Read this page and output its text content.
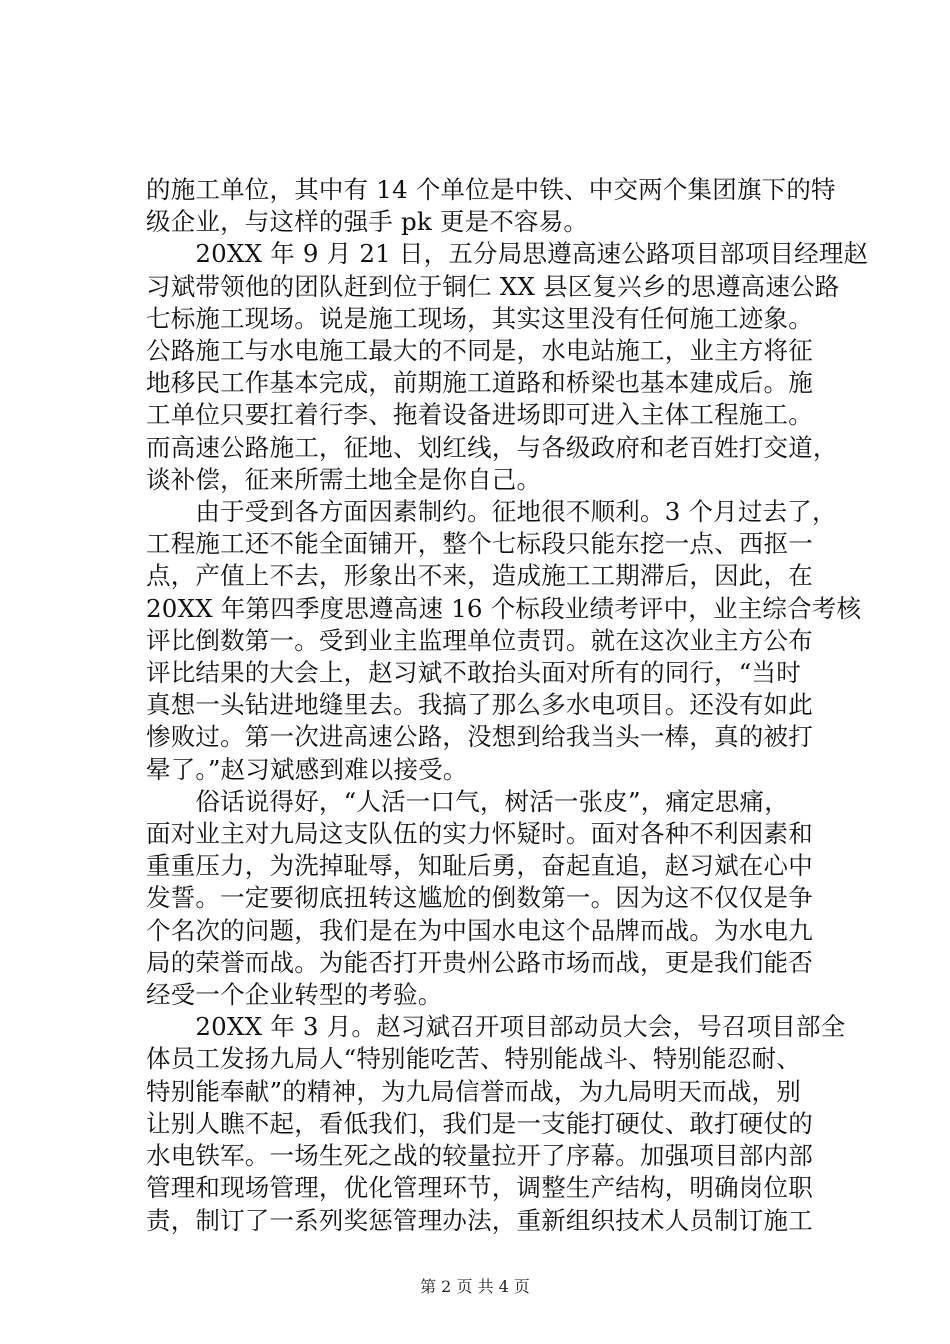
的施工单位，其中有 14 个单位是中铁、中交两个集团旗下的特
级企业，与这样的强手 pk 更是不容易。
　　20XX 年 9 月 21 日，五分局思遵高速公路项目部项目经理赵
习斌带领他的团队赶到位于铜仁 XX 县区复兴乡的思遵高速公路
七标施工现场。说是施工现场，其实这里没有任何施工迹象。
公路施工与水电施工最大的不同是，水电站施工，业主方将征
地移民工作基本完成，前期施工道路和桥梁也基本建成后。施
工单位只要扛着行李、拖着设备进场即可进入主体工程施工。
而高速公路施工，征地、划红线，与各级政府和老百姓打交道，
谈补偿，征来所需土地全是你自己。
　　由于受到各方面因素制约。征地很不顺利。3 个月过去了，
工程施工还不能全面铺开，整个七标段只能东挖一点、西抠一
点，产值上不去，形象出不来，造成施工工期滞后，因此，在
20XX 年第四季度思遵高速 16 个标段业绩考评中，业主综合考核
评比倒数第一。受到业主监理单位责罚。就在这次业主方公布
评比结果的大会上，赵习斌不敢抬头面对所有的同行，“当时
真想一头钻进地缝里去。我搞了那么多水电项目。还没有如此
惨败过。第一次进高速公路，没想到给我当头一棒，真的被打
晕了。”赵习斌感到难以接受。
　　俗话说得好，“人活一口气，树活一张皮”，痛定思痛，
面对业主对九局这支队伍的实力怀疑时。面对各种不利因素和
重重压力，为洗掉耻辱，知耻后勇，奋起直追，赵习斌在心中
发誓。一定要彻底扭转这尴尬的倒数第一。因为这不仅仅是争
个名次的问题，我们是在为中国水电这个品牌而战。为水电九
局的荣誉而战。为能否打开贵州公路市场而战，更是我们能否
经受一个企业转型的考验。
　　20XX 年 3 月。赵习斌召开项目部动员大会，号召项目部全
体员工发扬九局人“特别能吃苦、特别能战斗、特别能忍耐、
特别能奉献”的精神，为九局信誉而战，为九局明天而战，别
让别人瞧不起，看低我们，我们是一支能打硬仗、敢打硬仗的
水电铁军。一场生死之战的较量拉开了序幕。加强项目部内部
管理和现场管理，优化管理环节，调整生产结构，明确岗位职
责，制订了一系列奖惩管理办法，重新组织技术人员制订施工
第 2 页 共 4 页
